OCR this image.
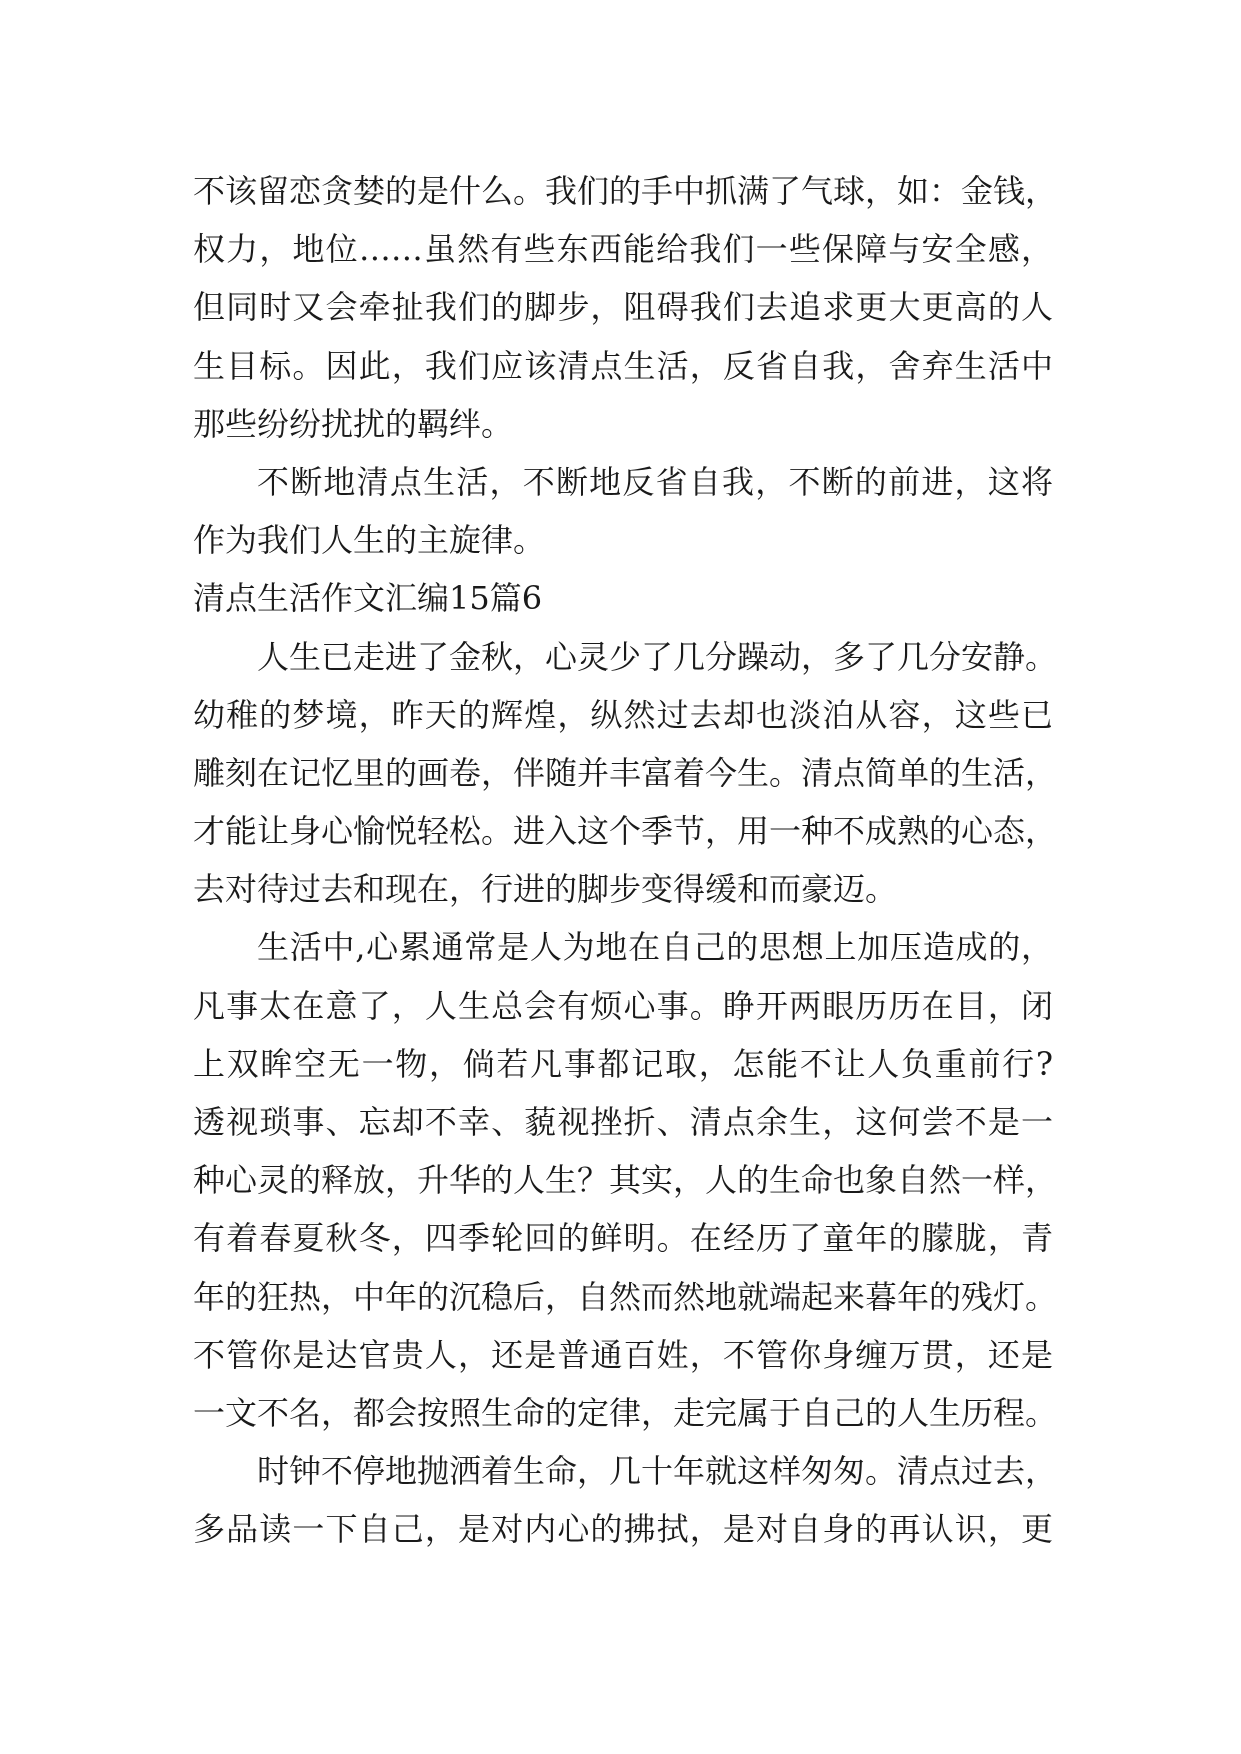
不该留恋贪婪的是什么。我们的手中抓满了气球，如：金钱，
权力，地位……虽然有些东西能给我们一些保障与安全感，
但同时又会牵扯我们的脚步，阻碍我们去追求更大更高的人
生目标。因此，我们应该清点生活，反省自我，舍弃生活中
那些纷纷扰扰的羁绊。
不断地清点生活，不断地反省自我，不断的前进，这将
作为我们人生的主旋律。
清点生活作文汇编15篇6
人生已走进了金秋，心灵少了几分躁动，多了几分安静。
幼稚的梦境，昨天的辉煌，纵然过去却也淡泊从容，这些已
雕刻在记忆里的画卷，伴随并丰富着今生。清点简单的生活，
才能让身心愉悦轻松。进入这个季节，用一种不成熟的心态，
去对待过去和现在，行进的脚步变得缓和而豪迈。
生活中,心累通常是人为地在自己的思想上加压造成的，
凡事太在意了，人生总会有烦心事。睁开两眼历历在目，闭
上双眸空无一物，倘若凡事都记取，怎能不让人负重前行?
透视琐事、忘却不幸、藐视挫折、清点余生，这何尝不是一
种心灵的释放，升华的人生？其实，人的生命也象自然一样，
有着春夏秋冬，四季轮回的鲜明。在经历了童年的朦胧，青
年的狂热，中年的沉稳后，自然而然地就端起来暮年的残灯。
不管你是达官贵人，还是普通百姓，不管你身缠万贯，还是
一文不名，都会按照生命的定律，走完属于自己的人生历程。
时钟不停地抛洒着生命，几十年就这样匆匆。清点过去，
多品读一下自己，是对内心的拂拭，是对自身的再认识，更
